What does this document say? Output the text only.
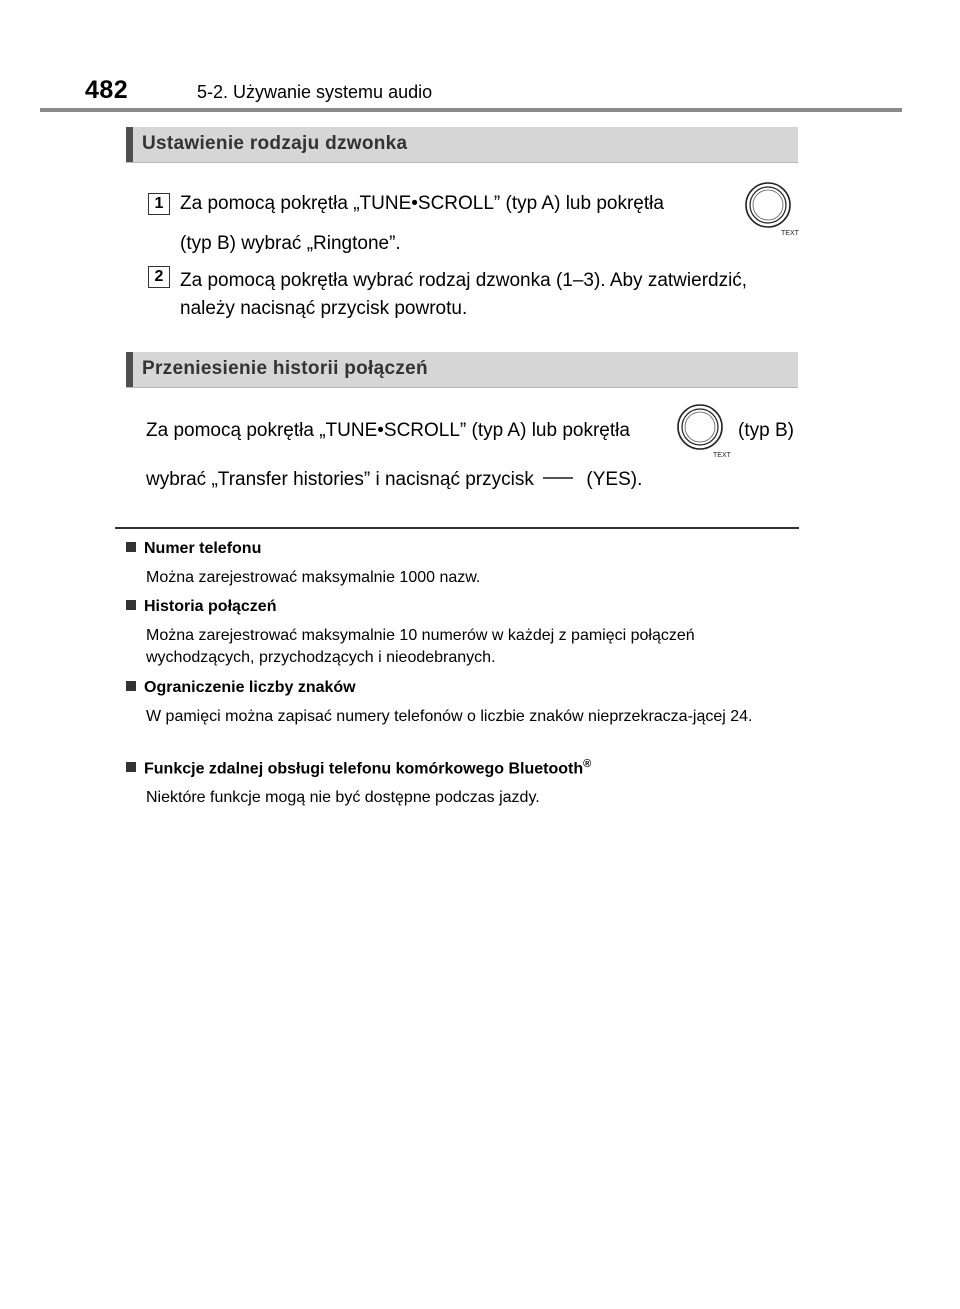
482	5-2. Używanie systemu audio
Ustawienie rodzaju dzwonka
1 Za pomocą pokrętła „TUNE•SCROLL” (typ A) lub pokrętła
(typ B) wybrać „Ringtone”.	TEXT
2 Za pomocą pokrętła wybrać rodzaj dzwonka (1–3). Aby zatwierdzić,
należy nacisnąć przycisk powrotu.
Przeniesienie historii połączeń
Za pomocą pokrętła „TUNE•SCROLL” (typ A) lub pokrętła
TEXT
(typ B)
wybrać „Transfer histories” i nacisnąć przycisk	(YES).
Numer telefonu
Można zarejestrować maksymalnie 1000 nazw.
Historia połączeń
Można zarejestrować maksymalnie 10 numerów w każdej z pamięci połączeń wychodzących, przychodzących i nieodebranych.
Ograniczenie liczby znaków
W pamięci można zapisać numery telefonów o liczbie znaków nieprzekracza-jącej 24.
Funkcje zdalnej obsługi telefonu komórkowego Bluetooth®
Niektóre funkcje mogą nie być dostępne podczas jazdy.
